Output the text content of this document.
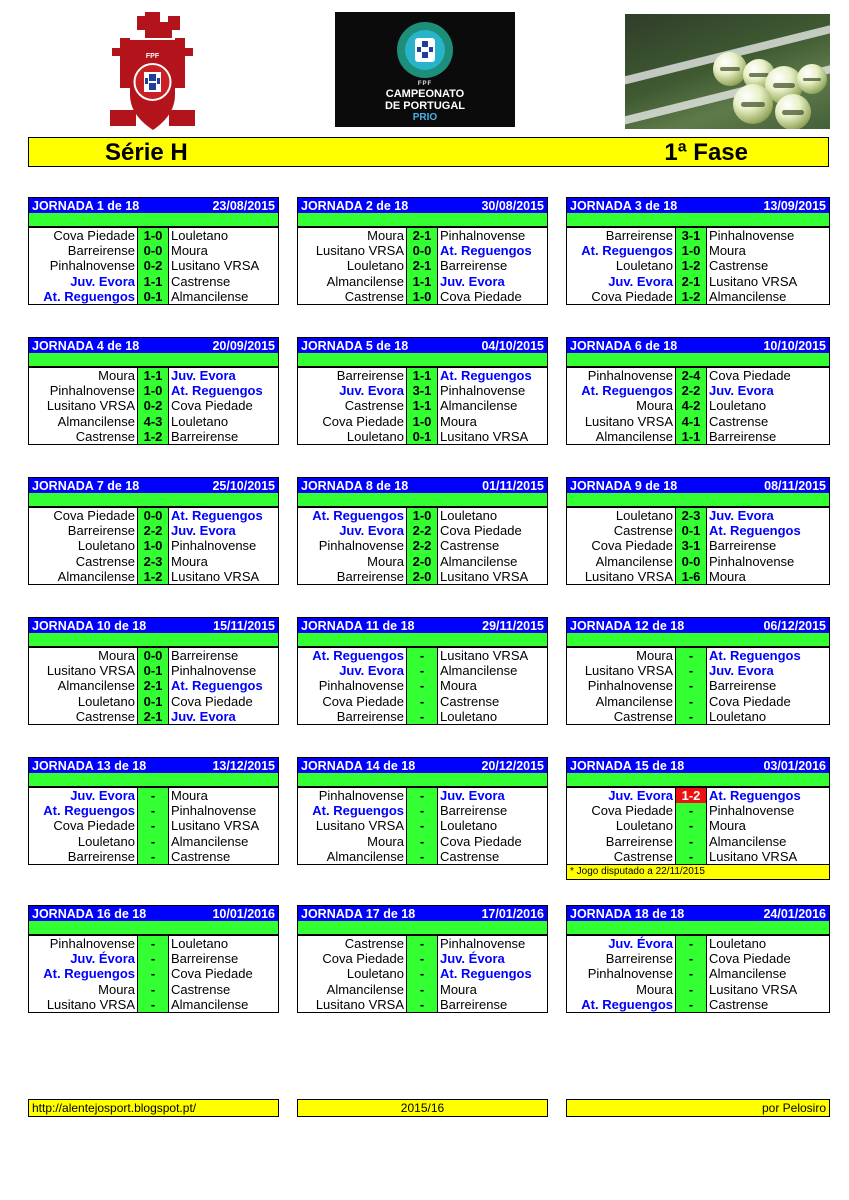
FPF
FPF
CAMPEONATO
DE PORTUGAL
PRIO
Série H	1ª Fase
JORNADA 1 de 18	23/08/2015
Cova Piedade 1-0 Louletano
Barreirense 0-0 Moura
Pinhalnovense 0-2 Lusitano VRSA
Juv. Evora 1-1 Castrense
At. Reguengos 0-1 Almancilense
JORNADA 2 de 18	30/08/2015
Moura 2-1 Pinhalnovense
Lusitano VRSA 0-0 At. Reguengos
Louletano 2-1 Barreirense
Almancilense 1-1 Juv. Evora
Castrense 1-0 Cova Piedade
JORNADA 3 de 18	13/09/2015
Barreirense 3-1 Pinhalnovense
At. Reguengos 1-0 Moura
Louletano 1-2 Castrense
Juv. Evora 2-1 Lusitano VRSA
Cova Piedade 1-2 Almancilense
JORNADA 4 de 18	20/09/2015
Moura 1-1 Juv. Evora
Pinhalnovense 1-0 At. Reguengos
Lusitano VRSA 0-2 Cova Piedade
Almancilense 4-3 Louletano
Castrense 1-2 Barreirense
JORNADA 5 de 18	04/10/2015
Barreirense 1-1 At. Reguengos
Juv. Evora 3-1 Pinhalnovense
Castrense 1-1 Almancilense
Cova Piedade 1-0 Moura
Louletano 0-1 Lusitano VRSA
JORNADA 6 de 18	10/10/2015
Pinhalnovense 2-4 Cova Piedade
At. Reguengos 2-2 Juv. Evora
Moura 4-2 Louletano
Lusitano VRSA 4-1 Castrense
Almancilense 1-1 Barreirense
JORNADA 7 de 18	25/10/2015
Cova Piedade 0-0 At. Reguengos
Barreirense 2-2 Juv. Evora
Louletano 1-0 Pinhalnovense
Castrense 2-3 Moura
Almancilense 1-2 Lusitano VRSA
JORNADA 8 de 18	01/11/2015
At. Reguengos 1-0 Louletano
Juv. Evora 2-2 Cova Piedade
Pinhalnovense 2-2 Castrense
Moura 2-0 Almancilense
Barreirense 2-0 Lusitano VRSA
JORNADA 9 de 18	08/11/2015
Louletano 2-3 Juv. Evora
Castrense 0-1 At. Reguengos
Cova Piedade 3-1 Barreirense
Almancilense 0-0 Pinhalnovense
Lusitano VRSA 1-6 Moura
JORNADA 10 de 18	15/11/2015
Moura 0-0 Barreirense
Lusitano VRSA 0-1 Pinhalnovense
Almancilense 2-1 At. Reguengos
Louletano 0-1 Cova Piedade
Castrense 2-1 Juv. Evora
JORNADA 11 de 18	29/11/2015
At. Reguengos	-	Lusitano VRSA
Juv. Evora	-	Almancilense
Pinhalnovense	-	Moura
Cova Piedade	-	Castrense
Barreirense	-	Louletano
JORNADA 12 de 18	06/12/2015
Moura	-	At. Reguengos
Lusitano VRSA	-	Juv. Evora
Pinhalnovense	-	Barreirense
Almancilense	-	Cova Piedade
Castrense	-	Louletano
JORNADA 13 de 18	13/12/2015
Juv. Evora	-	Moura
At. Reguengos	-	Pinhalnovense
Cova Piedade	-	Lusitano VRSA
Louletano	-	Almancilense
Barreirense	-	Castrense
JORNADA 14 de 18	20/12/2015
Pinhalnovense	-	Juv. Evora
At. Reguengos	-	Barreirense
Lusitano VRSA	-	Louletano
Moura	-	Cova Piedade
Almancilense	-	Castrense
JORNADA 15 de 18	03/01/2016
Juv. Evora 1-2 At. Reguengos
Cova Piedade	-	Pinhalnovense
Louletano	-	Moura
Barreirense	-	Almancilense
Castrense	-	Lusitano VRSA
* Jogo disputado a 22/11/2015
JORNADA 16 de 18	10/01/2016
Pinhalnovense	-	Louletano
Juv. Évora	-	Barreirense
At. Reguengos	-	Cova Piedade
Moura	-	Castrense
Lusitano VRSA	-	Almancilense
JORNADA 17 de 18	17/01/2016
Castrense	-	Pinhalnovense
Cova Piedade	-	Juv. Évora
Louletano	-	At. Reguengos
Almancilense	-	Moura
Lusitano VRSA	-	Barreirense
JORNADA 18 de 18	24/01/2016
Juv. Évora	-	Louletano
Barreirense	-	Cova Piedade
Pinhalnovense	-	Almancilense
Moura	-	Lusitano VRSA
At. Reguengos	-	Castrense
http://alentejosport.blogspot.pt/	2015/16	por Pelosiro
